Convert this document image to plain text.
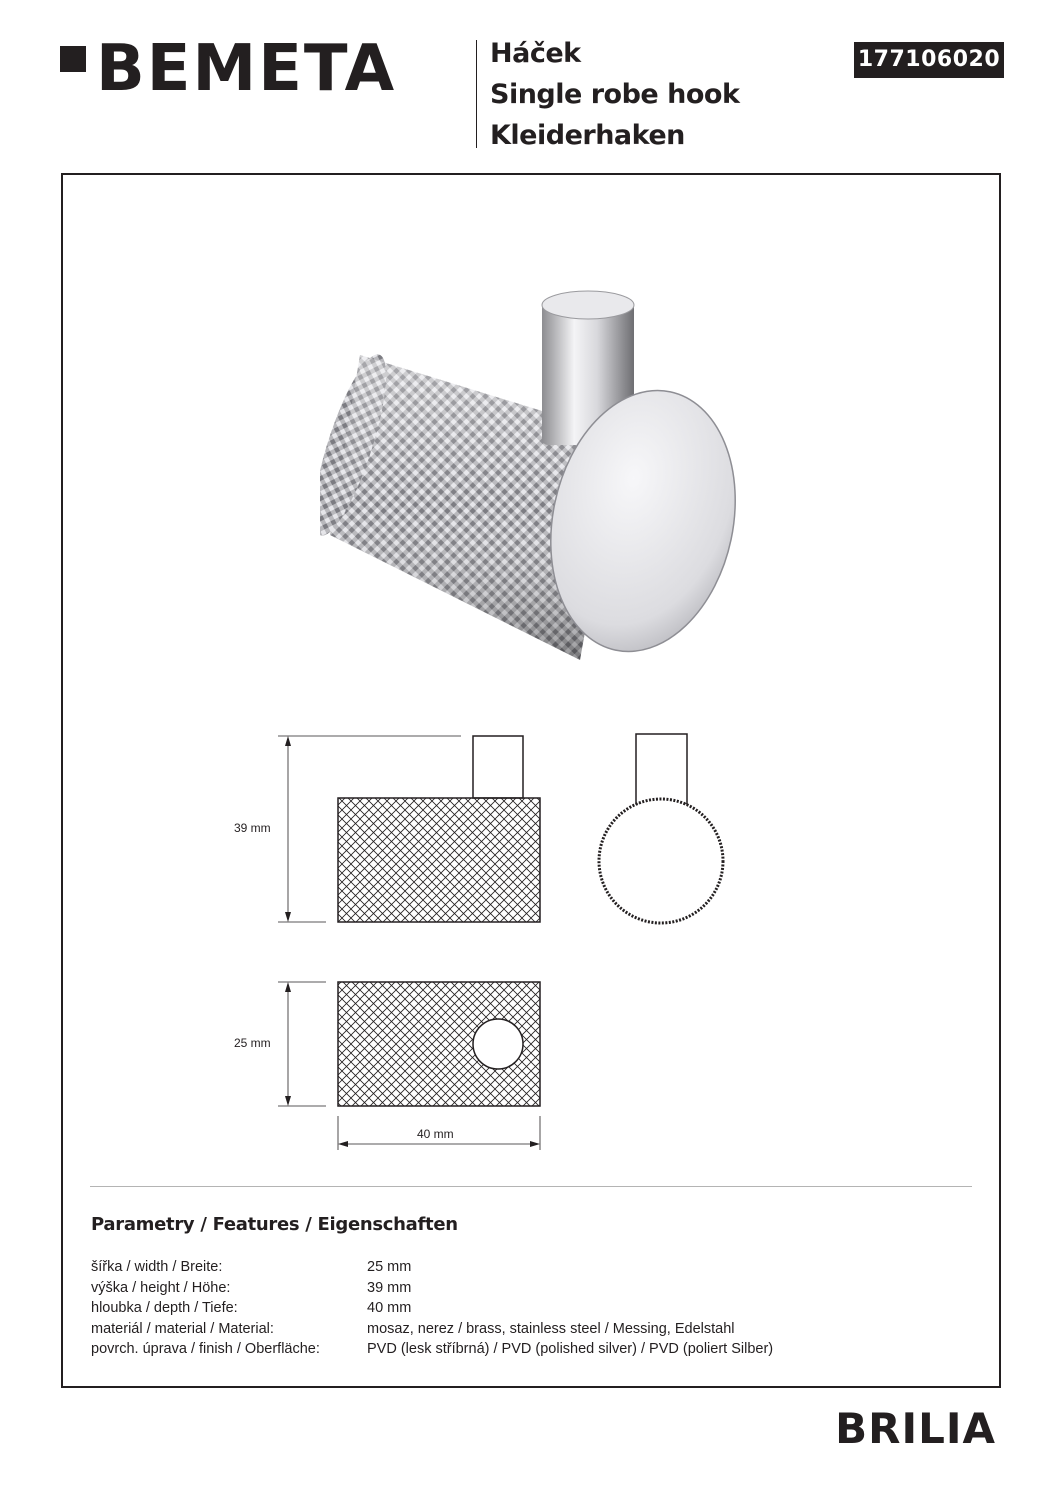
BEMETA	Háček
Single robe hook
Kleiderhaken
177106020
39 mm
25 mm
40 mm
Parametry / Features / Eigenschaften
šířka / width / Breite:	25 mm
výška / height / Höhe:	39 mm
hloubka / depth / Tiefe:	40 mm
materiál / material / Material:	mosaz, nerez / brass, stainless steel / Messing, Edelstahl
povrch. úprava / finish / Oberfläche:	PVD (lesk stříbrná) / PVD (polished silver) / PVD (poliert Silber)
BRILIA
